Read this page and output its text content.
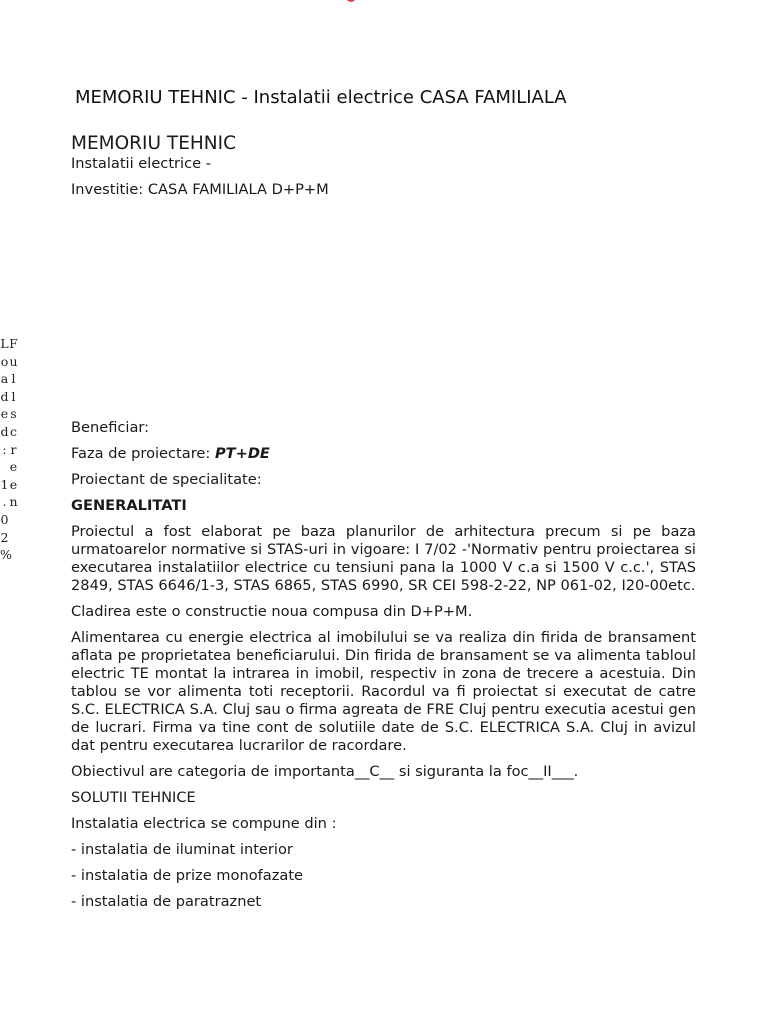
MEMORIU TEHNIC - Instalatii electrice CASA FAMILIALA
L F
o u
a l
d l
e s
d c
: r

e
1 e
. n
0
2
%
MEMORIU TEHNIC

Instalatii electrice -

Investitie: CASA FAMILIALA D+P+M

Beneficiar:

Faza de proiectare: PT+DE

Proiectant de specialitate:

GENERALITATI

Proiectul a fost elaborat pe baza planurilor de arhitectura precum si pe baza urmatoarelor normative si STAS-uri in vigoare: I 7/02 -'Normativ pentru proiectarea si executarea instalatiilor electrice cu tensiuni pana la 1000 V c.a si 1500 V c.c.', STAS 2849, STAS 6646/1-3, STAS 6865, STAS 6990, SR CEI 598-2-22, NP 061-02, I20-00etc.

Cladirea este o constructie noua compusa din D+P+M.

Alimentarea cu energie electrica al imobilului se va realiza din firida de bransament aflata pe proprietatea beneficiarului. Din firida de bransament se va alimenta tabloul electric TE montat la intrarea in imobil, respectiv in zona de trecere a acestuia. Din tablou se vor alimenta toti receptorii. Racordul va fi proiectat si executat de catre S.C. ELECTRICA S.A. Cluj sau o firma agreata de FRE Cluj pentru executia acestui gen de lucrari. Firma va tine cont de solutiile date de S.C. ELECTRICA S.A. Cluj in avizul dat pentru executarea lucrarilor de racordare.

Obiectivul are categoria de importanta__C__ si siguranta la foc__II___.

SOLUTII TEHNICE

Instalatia electrica se compune din :

- instalatia de iluminat interior

- instalatia de prize monofazate

- instalatia de paratraznet
